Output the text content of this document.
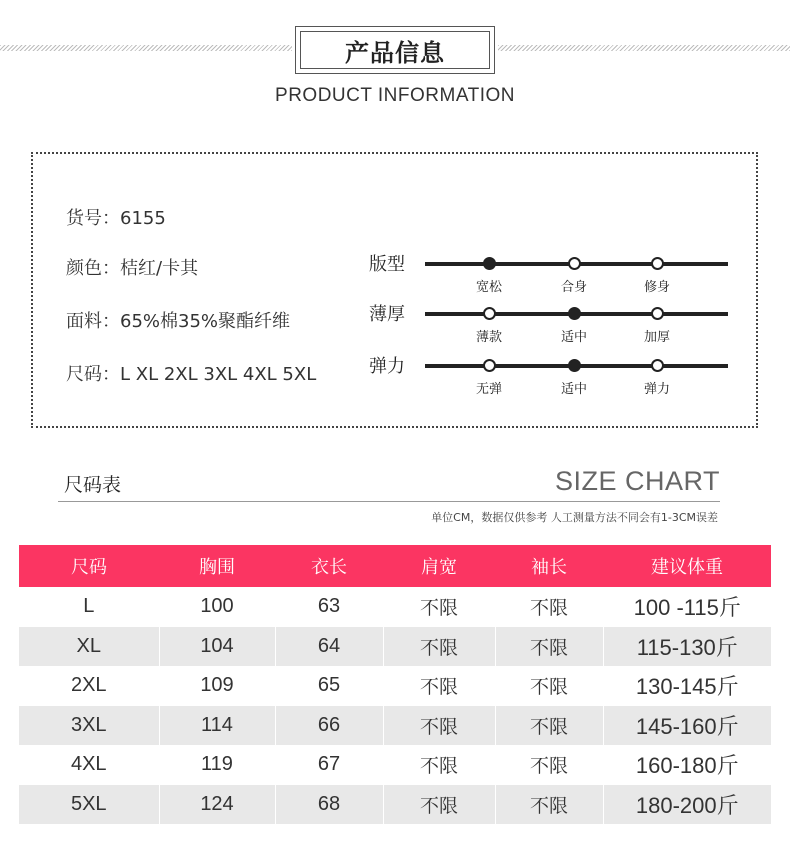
产品信息
PRODUCT INFORMATION
货号：6155
颜色：桔红/卡其
面料：65%棉35%聚酯纤维
尺码：L XL 2XL 3XL 4XL 5XL
版型
宽松	合身	修身
薄厚
薄款	适中	加厚
弹力
无弹	适中	弹力
尺码表	SIZE CHART
单位CM，数据仅供参考 人工测量方法不同会有1-3CM误差
尺码	胸围	衣长	肩宽	袖长	建议体重
L	100	63	不限	不限	100 -115斤
XL	104	64	不限	不限	115-130斤
2XL	109	65	不限	不限	130-145斤
3XL	114	66	不限	不限	145-160斤
4XL	119	67	不限	不限	160-180斤
5XL	124	68	不限	不限	180-200斤
